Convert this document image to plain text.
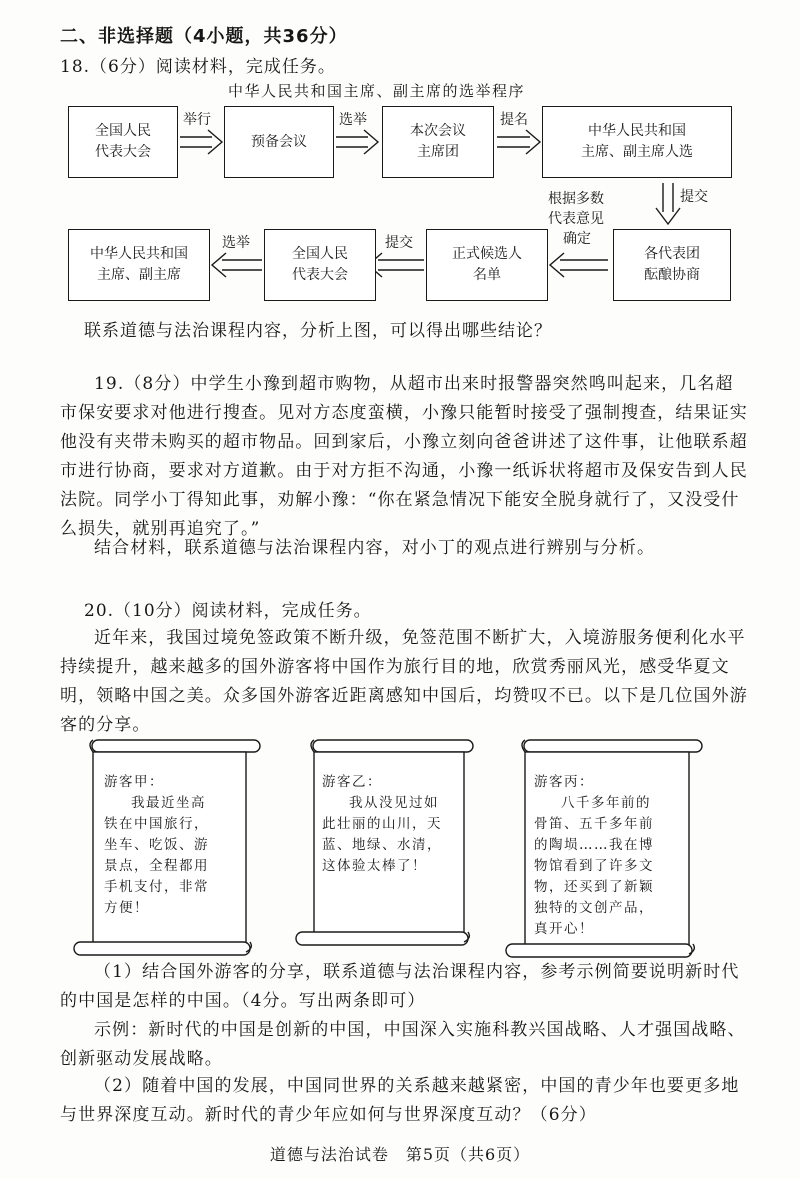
二、非选择题（4小题，共36分）
18.（6分）阅读材料，完成任务。
中华人民共和国主席、副主席的选举程序
全国人民
代表大会
预备会议
本次会议
主席团
中华人民共和国
主席、副主席人选
各代表团
酝酿协商
正式候选人
名单
全国人民
代表大会
中华人民共和国
主席、副主席
举行	选举	提名
提交
根据多数
代表意见
确定
提交
选举
联系道德与法治课程内容，分析上图，可以得出哪些结论？
19.（8分）中学生小豫到超市购物，从超市出来时报警器突然鸣叫起来，几名超市保安要求对他进行搜查。见对方态度蛮横，小豫只能暂时接受了强制搜查，结果证实他没有夹带未购买的超市物品。回到家后，小豫立刻向爸爸讲述了这件事，让他联系超市进行协商，要求对方道歉。由于对方拒不沟通，小豫一纸诉状将超市及保安告到人民法院。同学小丁得知此事，劝解小豫：“你在紧急情况下能安全脱身就行了，又没受什么损失，就别再追究了。”
结合材料，联系道德与法治课程内容，对小丁的观点进行辨别与分析。
20.（10分）阅读材料，完成任务。
近年来，我国过境免签政策不断升级，免签范围不断扩大，入境游服务便利化水平持续提升，越来越多的国外游客将中国作为旅行目的地，欣赏秀丽风光，感受华夏文明，领略中国之美。众多国外游客近距离感知中国后，均赞叹不已。以下是几位国外游客的分享。
游客甲：
我最近坐高
铁在中国旅行，
坐车、吃饭、游
景点，全程都用
手机支付，非常
方便！
游客乙：
我从没见过如
此壮丽的山川，天
蓝、地绿、水清，
这体验太棒了！
游客丙：
八千多年前的
骨笛、五千多年前
的陶埙……我在博
物馆看到了许多文
物，还买到了新颖
独特的文创产品，
真开心！
（1）结合国外游客的分享，联系道德与法治课程内容，参考示例简要说明新时代的中国是怎样的中国。（4分。写出两条即可）
示例：新时代的中国是创新的中国，中国深入实施科教兴国战略、人才强国战略、创新驱动发展战略。
（2）随着中国的发展，中国同世界的关系越来越紧密，中国的青少年也要更多地与世界深度互动。新时代的青少年应如何与世界深度互动？（6分）
道德与法治试卷　第5页（共6页）
